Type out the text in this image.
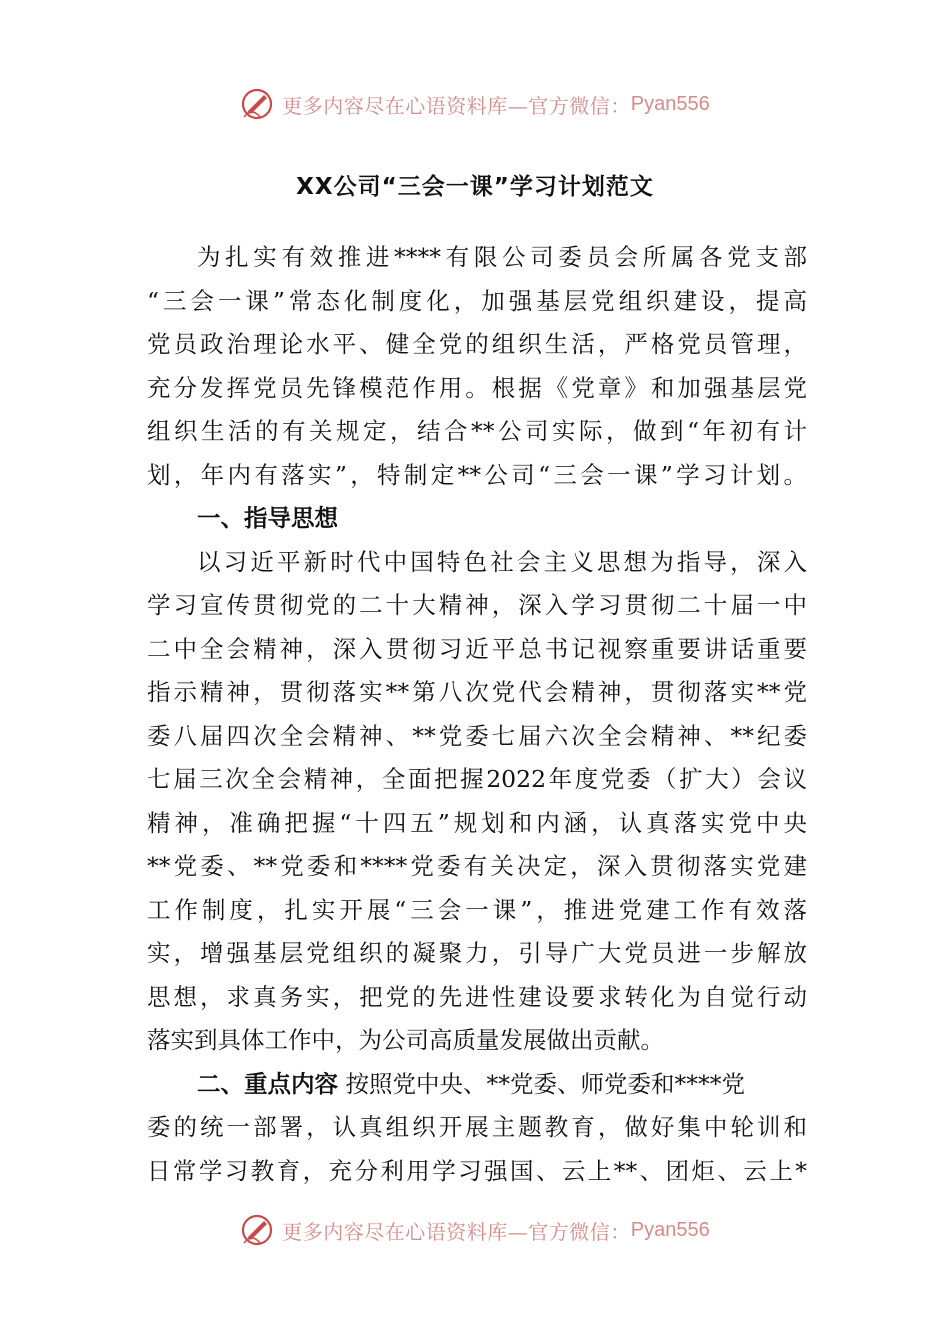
更多内容尽在心语资料库—官方微信： Pyan556
XX公司“三会一课”学习计划范文
为扎实有效推进****有限公司委员会所属各党支部
“三会一课”常态化制度化，加强基层党组织建设，提高
党员政治理论水平、健全党的组织生活，严格党员管理，
充分发挥党员先锋模范作用。根据《党章》和加强基层党
组织生活的有关规定，结合**公司实际，做到“年初有计
划，年内有落实”，特制定**公司“三会一课”学习计划。
一、指导思想
以习近平新时代中国特色社会主义思想为指导，深入
学习宣传贯彻党的二十大精神，深入学习贯彻二十届一中
二中全会精神，深入贯彻习近平总书记视察重要讲话重要
指示精神，贯彻落实**第八次党代会精神，贯彻落实**党
委八届四次全会精神、**党委七届六次全会精神、**纪委
七届三次全会精神，全面把握2022年度党委（扩大）会议
精神，准确把握“十四五”规划和内涵，认真落实党中央
**党委、**党委和****党委有关决定，深入贯彻落实党建
工作制度，扎实开展“三会一课”，推进党建工作有效落
实，增强基层党组织的凝聚力，引导广大党员进一步解放
思想，求真务实，把党的先进性建设要求转化为自觉行动
落实到具体工作中，为公司高质量发展做出贡献。
二、重点内容 按照党中央、**党委、师党委和****党
委的统一部署，认真组织开展主题教育，做好集中轮训和
日常学习教育，充分利用学习强国、云上**、团炬、云上*
更多内容尽在心语资料库—官方微信： Pyan556
